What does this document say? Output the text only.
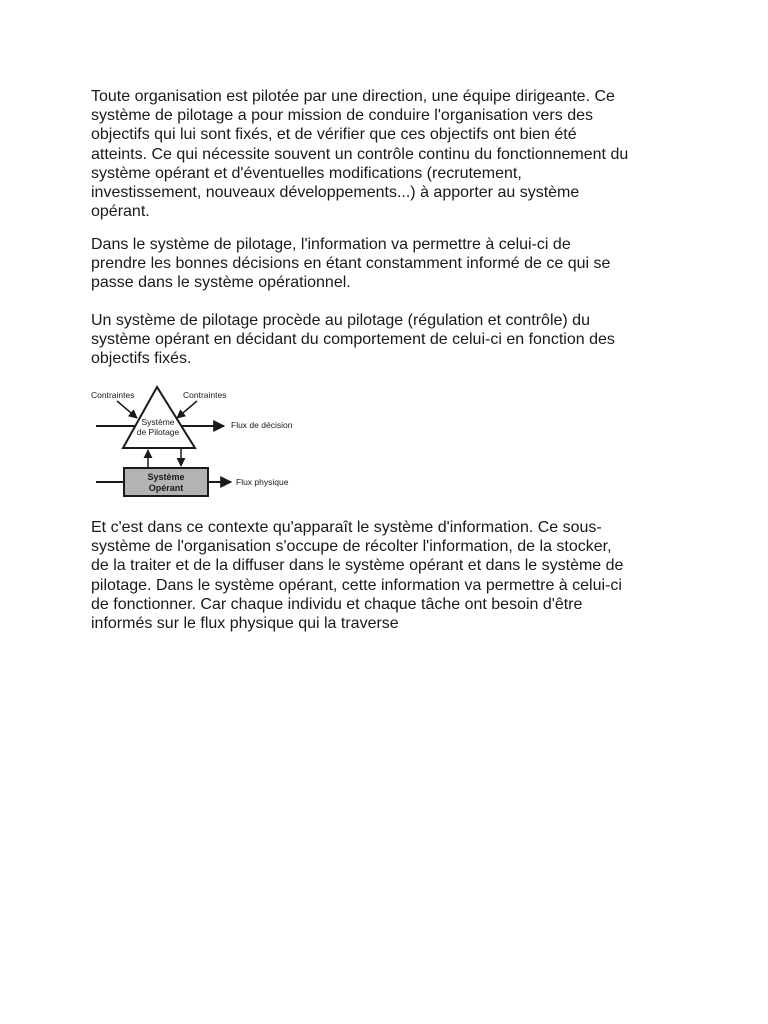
Toute organisation est pilotée par une direction, une équipe dirigeante. Ce
système de pilotage a pour mission de conduire l'organisation vers des
objectifs qui lui sont fixés, et de vérifier que ces objectifs ont bien été
atteints. Ce qui nécessite souvent un contrôle continu du fonctionnement du
système opérant et d'éventuelles modifications (recrutement,
investissement, nouveaux développements...) à apporter au système
opérant.

Dans le système de pilotage, l'information va permettre à celui-ci de
prendre les bonnes décisions en étant constamment informé de ce qui se
passe dans le système opérationnel.

Un système de pilotage procède au pilotage (régulation et contrôle) du
système opérant en décidant du comportement de celui-ci en fonction des
objectifs fixés.

Contraintes	Contraintes
Système
de Pilotage
Flux de décision
Système
Opérant
Flux physique

Et c'est dans ce contexte qu'apparaît le système d'information. Ce sous-
système de l'organisation s'occupe de récolter l'information, de la stocker,
de la traiter et de la diffuser dans le système opérant et dans le système de
pilotage. Dans le système opérant, cette information va permettre à celui-ci
de fonctionner. Car chaque individu et chaque tâche ont besoin d'être
informés sur le flux physique qui la traverse
